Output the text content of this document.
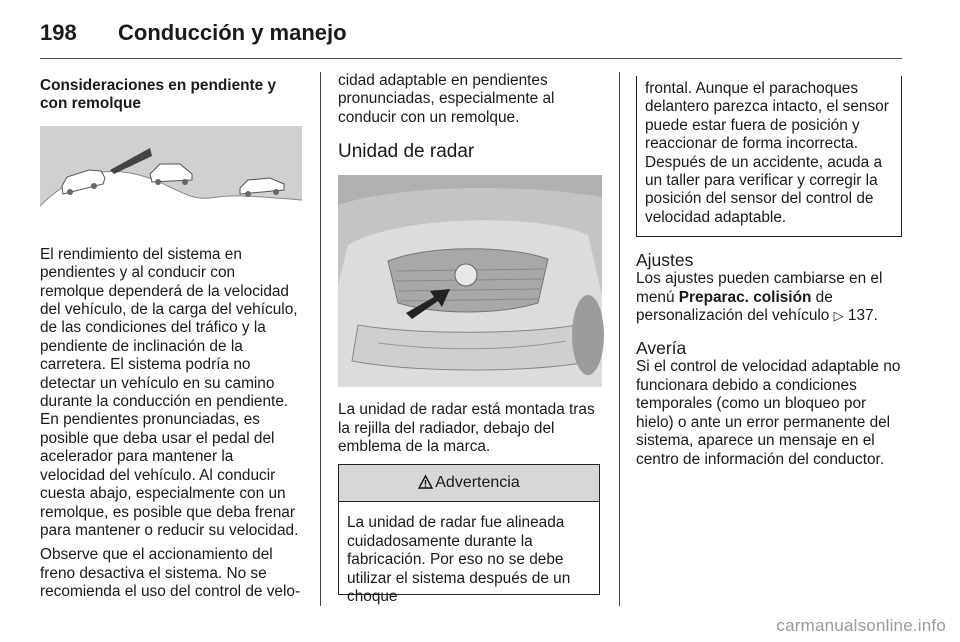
198 Conducción y manejo
Consideraciones en pendiente y con remolque

El rendimiento del sistema en pendientes y al conducir con remolque dependerá de la velocidad del vehículo, de la carga del vehículo, de las condiciones del tráfico y la pendiente de inclinación de la carretera. El sistema podría no detectar un vehículo en su camino durante la conducción en pendiente. En pendientes pronunciadas, es posible que deba usar el pedal del acelerador para mantener la velocidad del vehículo. Al conducir cuesta abajo, especialmente con un remolque, es posible que deba frenar para mantener o reducir su velocidad.

Observe que el accionamiento del freno desactiva el sistema. No se recomienda el uso del control de velo-

cidad adaptable en pendientes pronunciadas, especialmente al conducir con un remolque.

Unidad de radar

La unidad de radar está montada tras la rejilla del radiador, debajo del emblema de la marca.

Advertencia
La unidad de radar fue alineada cuidadosamente durante la fabricación. Por eso no se debe utilizar el sistema después de un choque
frontal. Aunque el parachoques delantero parezca intacto, el sensor puede estar fuera de posición y reaccionar de forma incorrecta. Después de un accidente, acuda a un taller para verificar y corregir la posición del sensor del control de velocidad adaptable.
Ajustes

Los ajustes pueden cambiarse en el menú Preparac. colisión de personalización del vehículo ▷ 137.

Avería

Si el control de velocidad adaptable no funcionara debido a condiciones temporales (como un bloqueo por hielo) o ante un error permanente del sistema, aparece un mensaje en el centro de información del conductor.

carmanualsonline.info
